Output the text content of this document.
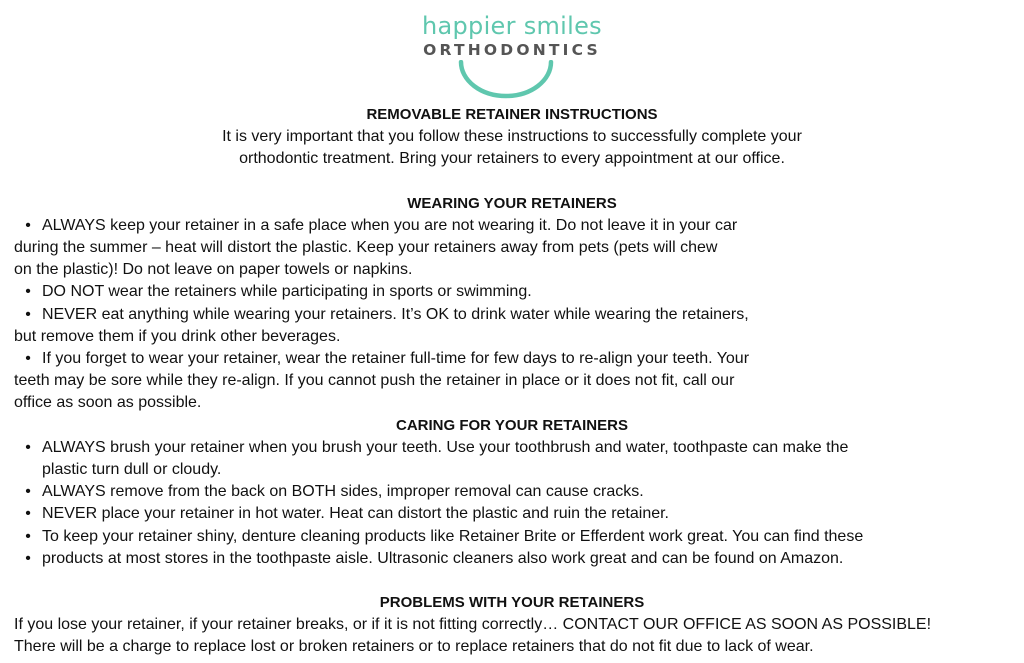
happier smiles
ORTHODONTICS
REMOVABLE RETAINER INSTRUCTIONS
It is very important that you follow these instructions to successfully complete your
orthodontic treatment. Bring your retainers to every appointment at our office.
WEARING YOUR RETAINERS
• ALWAYS keep your retainer in a safe place when you are not wearing it. Do not leave it in your car
during the summer – heat will distort the plastic. Keep your retainers away from pets (pets will chew
on the plastic)! Do not leave on paper towels or napkins.
• DO NOT wear the retainers while participating in sports or swimming.
• NEVER eat anything while wearing your retainers. It’s OK to drink water while wearing the retainers,
but remove them if you drink other beverages.
• If you forget to wear your retainer, wear the retainer full-time for few days to re-align your teeth. Your
teeth may be sore while they re-align. If you cannot push the retainer in place or it does not fit, call our
office as soon as possible.
CARING FOR YOUR RETAINERS
• ALWAYS brush your retainer when you brush your teeth. Use your toothbrush and water, toothpaste can make the
plastic turn dull or cloudy.
• ALWAYS remove from the back on BOTH sides, improper removal can cause cracks.
• NEVER place your retainer in hot water. Heat can distort the plastic and ruin the retainer.
• To keep your retainer shiny, denture cleaning products like Retainer Brite or Efferdent work great. You can find these
• products at most stores in the toothpaste aisle. Ultrasonic cleaners also work great and can be found on Amazon.
PROBLEMS WITH YOUR RETAINERS
If you lose your retainer, if your retainer breaks, or if it is not fitting correctly… CONTACT OUR OFFICE AS SOON AS POSSIBLE!
There will be a charge to replace lost or broken retainers or to replace retainers that do not fit due to lack of wear.
